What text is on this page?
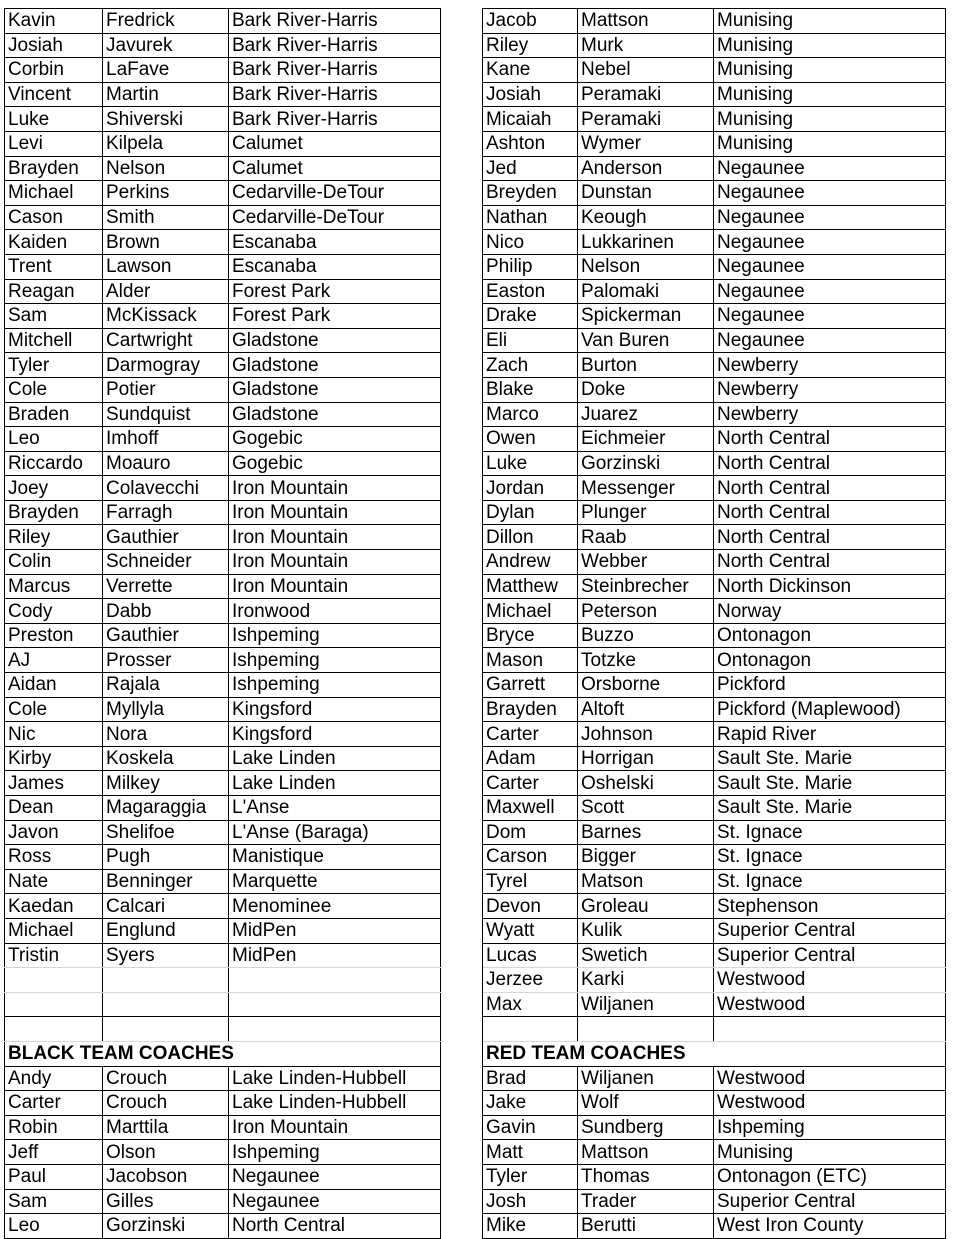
Kavin	Fredrick	Bark River-Harris		Jacob	Mattson	Munising
Josiah	Javurek	Bark River-Harris		Riley	Murk	Munising
Corbin	LaFave	Bark River-Harris		Kane	Nebel	Munising
Vincent	Martin	Bark River-Harris		Josiah	Peramaki	Munising
Luke	Shiverski	Bark River-Harris		Micaiah	Peramaki	Munising
Levi	Kilpela	Calumet		Ashton	Wymer	Munising
Brayden	Nelson	Calumet		Jed	Anderson	Negaunee
Michael	Perkins	Cedarville-DeTour		Breyden	Dunstan	Negaunee
Cason	Smith	Cedarville-DeTour		Nathan	Keough	Negaunee
Kaiden	Brown	Escanaba		Nico	Lukkarinen	Negaunee
Trent	Lawson	Escanaba		Philip	Nelson	Negaunee
Reagan	Alder	Forest Park		Easton	Palomaki	Negaunee
Sam	McKissack	Forest Park		Drake	Spickerman	Negaunee
Mitchell	Cartwright	Gladstone		Eli	Van Buren	Negaunee
Tyler	Darmogray	Gladstone		Zach	Burton	Newberry
Cole	Potier	Gladstone		Blake	Doke	Newberry
Braden	Sundquist	Gladstone		Marco	Juarez	Newberry
Leo	Imhoff	Gogebic		Owen	Eichmeier	North Central
Riccardo	Moauro	Gogebic		Luke	Gorzinski	North Central
Joey	Colavecchi	Iron Mountain		Jordan	Messenger	North Central
Brayden	Farragh	Iron Mountain		Dylan	Plunger	North Central
Riley	Gauthier	Iron Mountain		Dillon	Raab	North Central
Colin	Schneider	Iron Mountain		Andrew	Webber	North Central
Marcus	Verrette	Iron Mountain		Matthew	Steinbrecher	North Dickinson
Cody	Dabb	Ironwood		Michael	Peterson	Norway
Preston	Gauthier	Ishpeming		Bryce	Buzzo	Ontonagon
AJ	Prosser	Ishpeming		Mason	Totzke	Ontonagon
Aidan	Rajala	Ishpeming		Garrett	Orsborne	Pickford
Cole	Myllyla	Kingsford		Brayden	Altoft	Pickford (Maplewood)
Nic	Nora	Kingsford		Carter	Johnson	Rapid River
Kirby	Koskela	Lake Linden		Adam	Horrigan	Sault Ste. Marie
James	Milkey	Lake Linden		Carter	Oshelski	Sault Ste. Marie
Dean	Magaraggia	L'Anse		Maxwell	Scott	Sault Ste. Marie
Javon	Shelifoe	L'Anse (Baraga)		Dom	Barnes	St. Ignace
Ross	Pugh	Manistique		Carson	Bigger	St. Ignace
Nate	Benninger	Marquette		Tyrel	Matson	St. Ignace
Kaedan	Calcari	Menominee		Devon	Groleau	Stephenson
Michael	Englund	MidPen		Wyatt	Kulik	Superior Central
Tristin	Syers	MidPen		Lucas	Swetich	Superior Central
				Jerzee	Karki	Westwood
				Max	Wiljanen	Westwood

BLACK TEAM COACHES				RED TEAM COACHES		
Andy	Crouch	Lake Linden-Hubbell		Brad	Wiljanen	Westwood
Carter	Crouch	Lake Linden-Hubbell		Jake	Wolf	Westwood
Robin	Marttila	Iron Mountain		Gavin	Sundberg	Ishpeming
Jeff	Olson	Ishpeming		Matt	Mattson	Munising
Paul	Jacobson	Negaunee		Tyler	Thomas	Ontonagon (ETC)
Sam	Gilles	Negaunee		Josh	Trader	Superior Central
Leo	Gorzinski	North Central		Mike	Berutti	West Iron County
